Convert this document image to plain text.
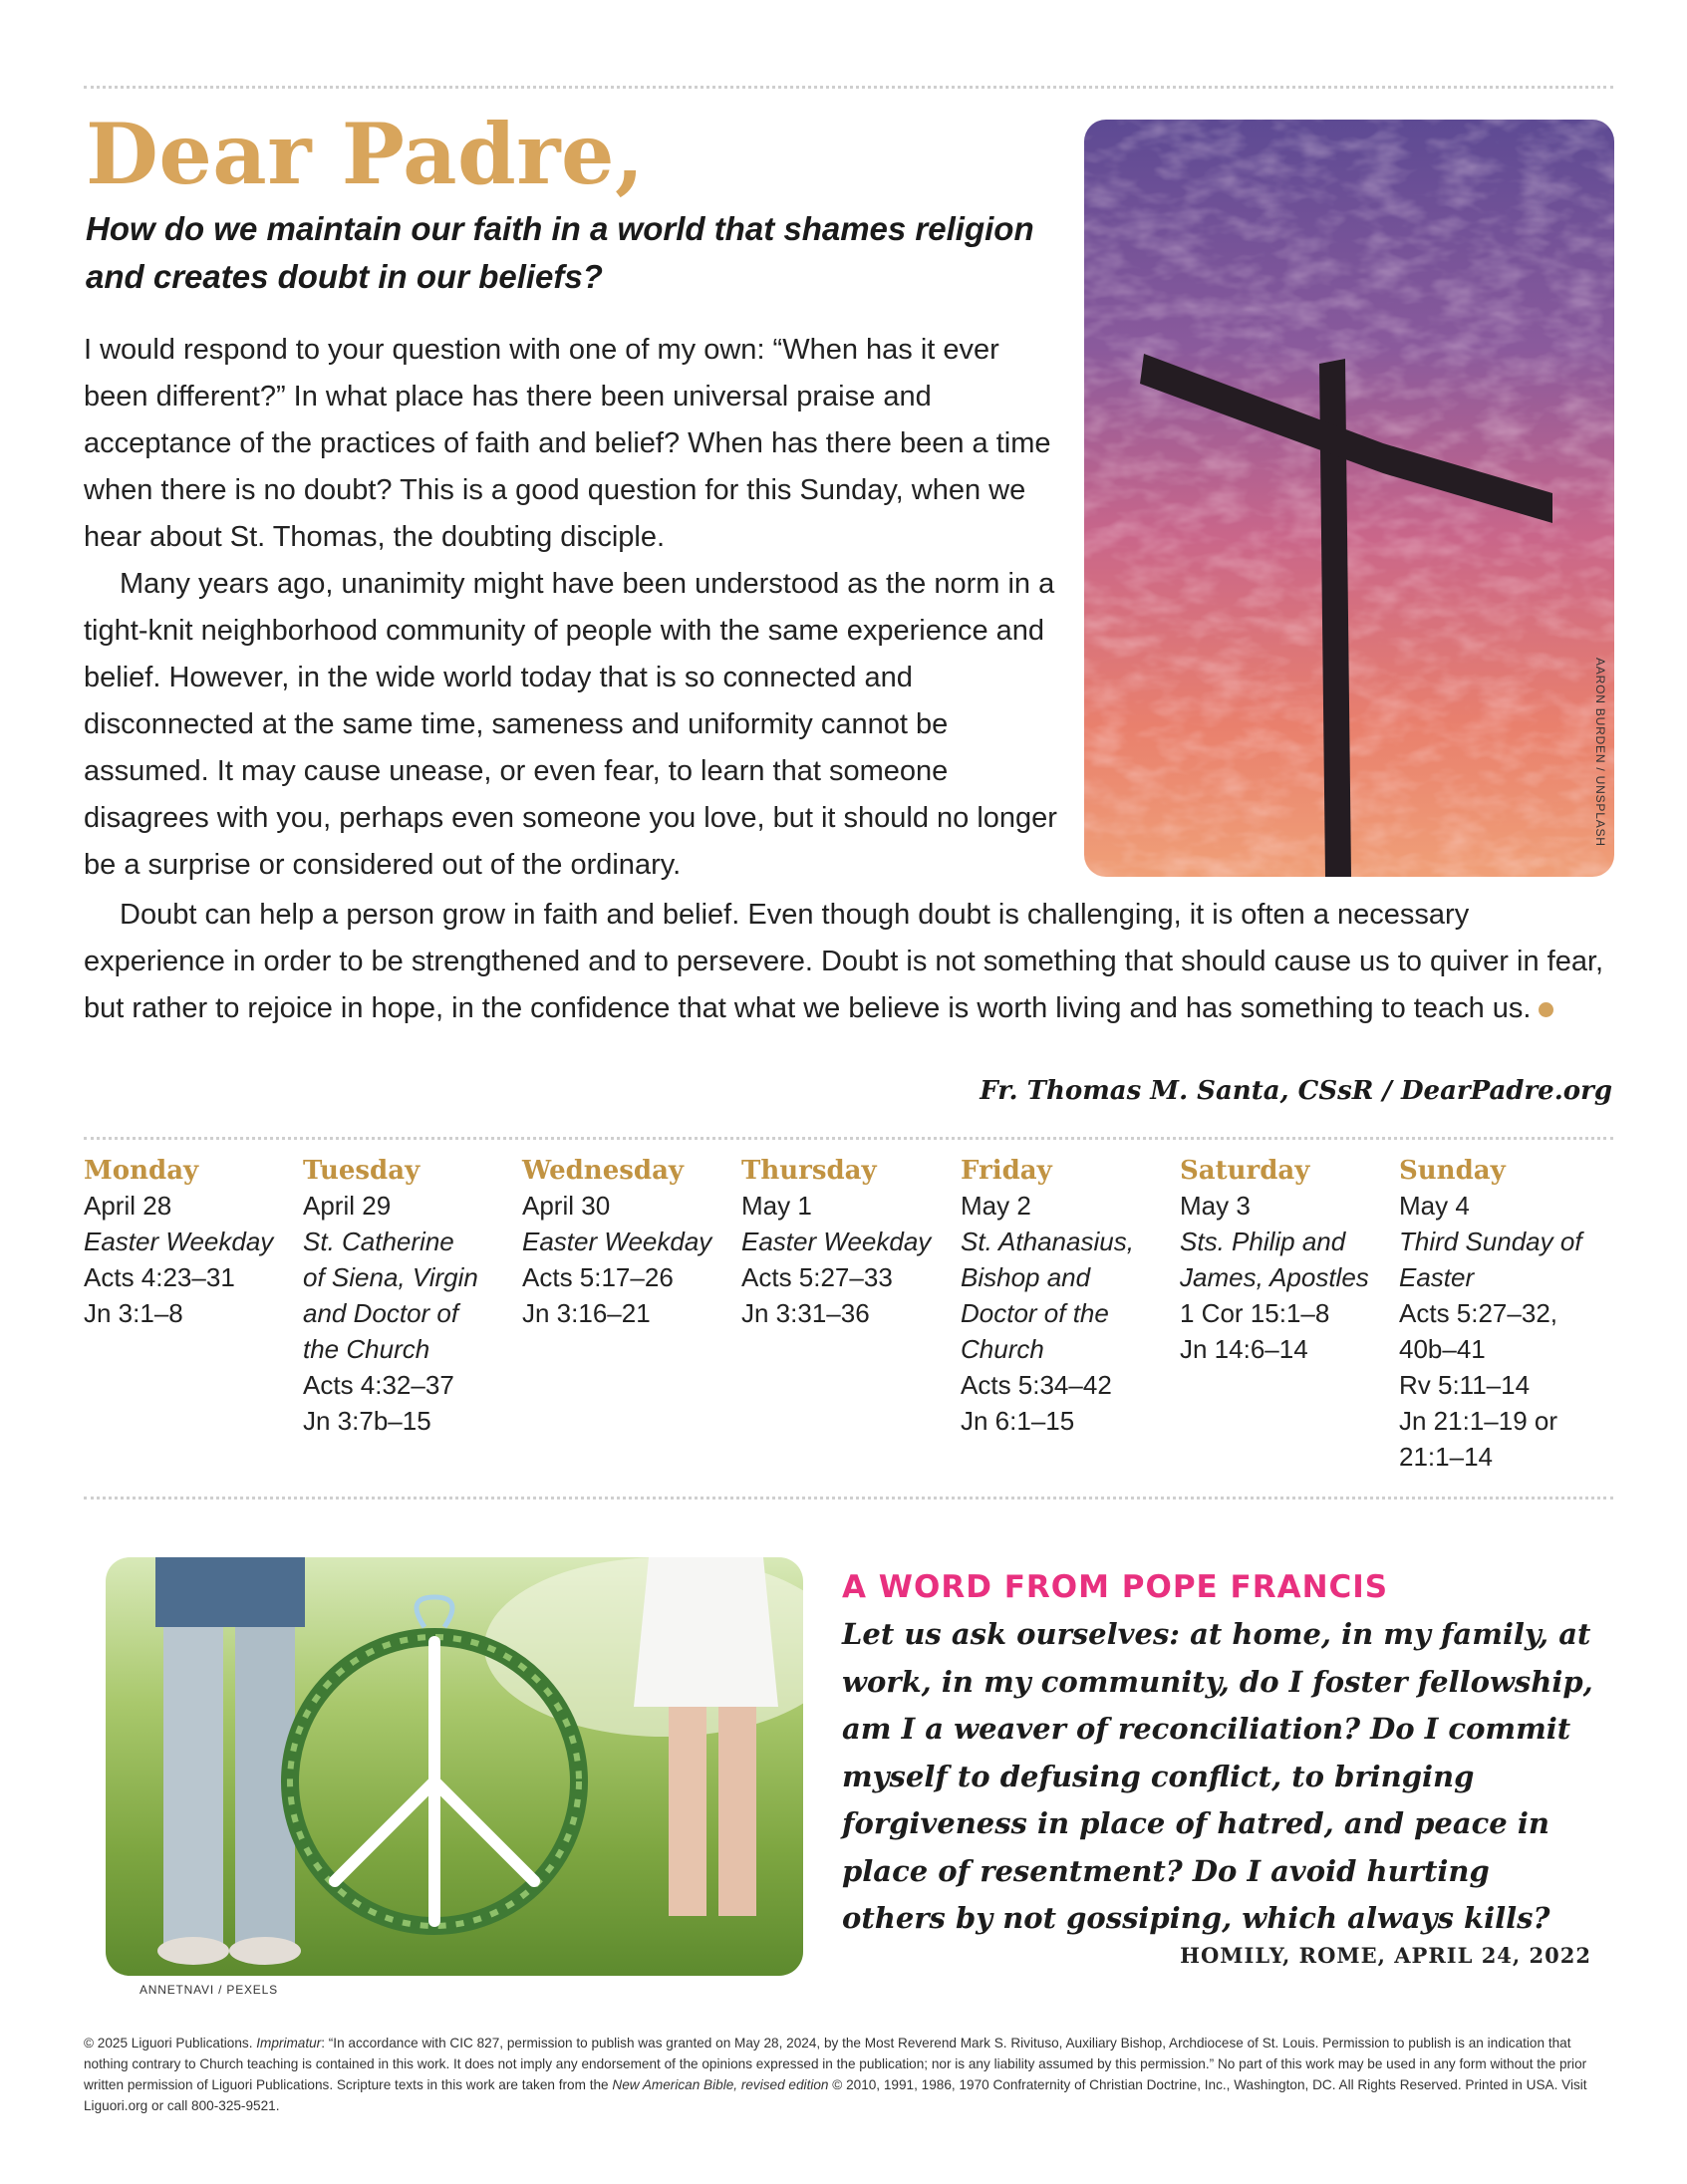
Dear Padre,
How do we maintain our faith in a world that shames religion and creates doubt in our beliefs?

I would respond to your question with one of my own: “When has it ever been different?” In what place has there been universal praise and acceptance of the practices of faith and belief? When has there been a time when there is no doubt? This is a good question for this Sunday, when we hear about St. Thomas, the doubting disciple.

Many years ago, unanimity might have been understood as the norm in a tight-knit neighborhood community of people with the same experience and belief. However, in the wide world today that is so connected and disconnected at the same time, sameness and uniformity cannot be assumed. It may cause unease, or even fear, to learn that someone disagrees with you, perhaps even someone you love, but it should no longer be a surprise or considered out of the ordinary.

AARON BURDEN / UNSPLASH

Doubt can help a person grow in faith and belief. Even though doubt is challenging, it is often a necessary experience in order to be strengthened and to persevere. Doubt is not something that should cause us to quiver in fear, but rather to rejoice in hope, in the confidence that what we believe is worth living and has something to teach us.

Fr. Thomas M. Santa, CSsR / DearPadre.org
Monday
April 28
Easter Weekday
Acts 4:23–31
Jn 3:1–8
Tuesday
April 29
St. Catherine
of Siena, Virgin
and Doctor of
the Church
Acts 4:32–37
Jn 3:7b–15
Wednesday
April 30
Easter Weekday
Acts 5:17–26
Jn 3:16–21
Thursday
May 1
Easter Weekday
Acts 5:27–33
Jn 3:31–36
Friday
May 2
St. Athanasius,
Bishop and
Doctor of the
Church
Acts 5:34–42
Jn 6:1–15
Saturday
May 3
Sts. Philip and
James, Apostles
1 Cor 15:1–8
Jn 14:6–14
Sunday
May 4
Third Sunday of
Easter
Acts 5:27–32,
40b–41
Rv 5:11–14
Jn 21:1–19 or
21:1–14
ANNETNAVI / PEXELS
A WORD FROM POPE FRANCIS

Let us ask ourselves: at home, in my family, at work, in my community, do I foster fellowship, am I a weaver of reconciliation? Do I commit myself to defusing conflict, to bringing forgiveness in place of hatred, and peace in place of resentment? Do I avoid hurting others by not gossiping, which always kills?

HOMILY, ROME, APRIL 24, 2022

© 2025 Liguori Publications. Imprimatur: “In accordance with CIC 827, permission to publish was granted on May 28, 2024, by the Most Reverend Mark S. Rivituso, Auxiliary Bishop, Archdiocese of St. Louis. Permission to publish is an indication that nothing contrary to Church teaching is contained in this work. It does not imply any endorsement of the opinions expressed in the publication; nor is any liability assumed by this permission.” No part of this work may be used in any form without the prior written permission of Liguori Publications. Scripture texts in this work are taken from the New American Bible, revised edition © 2010, 1991, 1986, 1970 Confraternity of Christian Doctrine, Inc., Washington, DC. All Rights Reserved. Printed in USA. Visit Liguori.org or call 800-325-9521.
